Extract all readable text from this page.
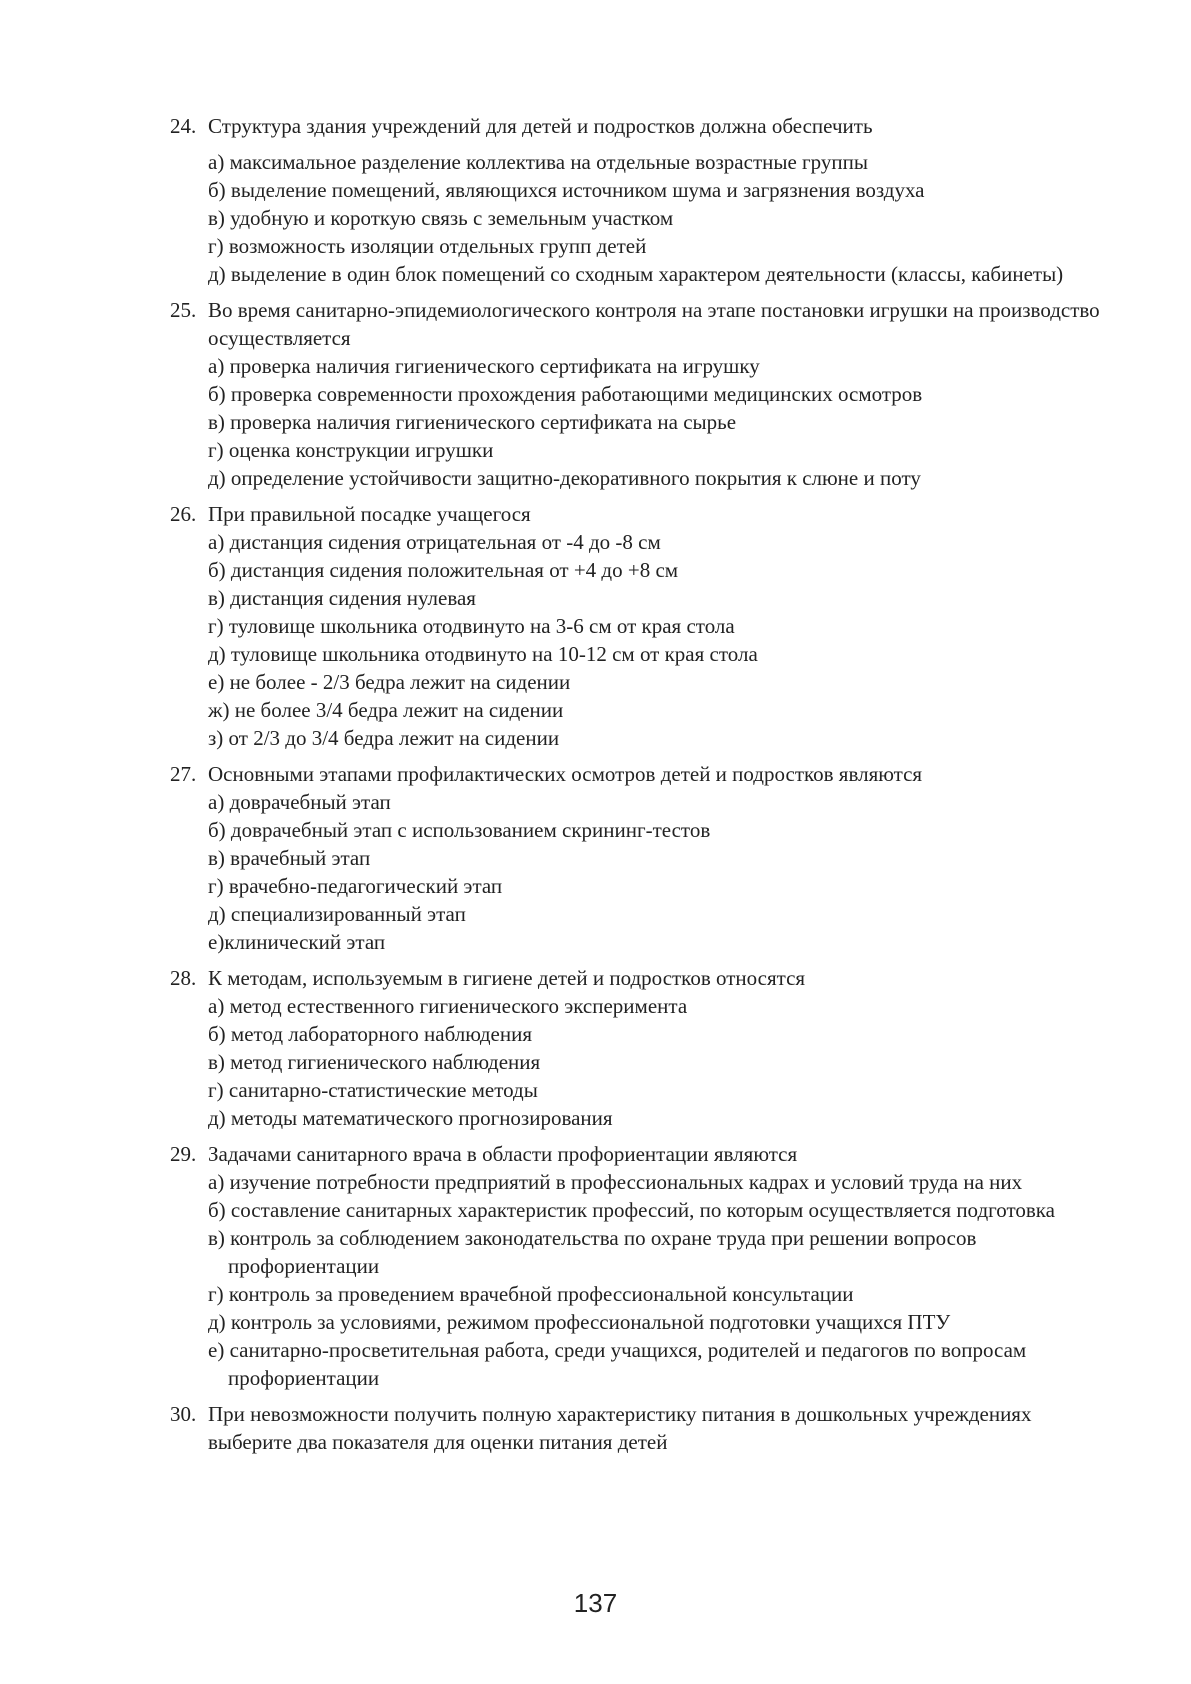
24. Структура здания учреждений для детей и подростков должна обеспечить
а) максимальное разделение коллектива на отдельные возрастные группы
б) выделение помещений, являющихся источником шума и загрязнения воздуха
в) удобную и короткую связь с земельным участком
г) возможность изоляции отдельных групп детей
д) выделение в один блок помещений со сходным характером деятельности (классы, кабинеты)
25. Во время санитарно-эпидемиологического контроля на этапе постановки игрушки на производство осуществляется
а) проверка наличия гигиенического сертификата на игрушку
б) проверка современности прохождения работающими медицинских осмотров
в) проверка наличия гигиенического сертификата на сырье
г) оценка конструкции игрушки
д) определение устойчивости защитно-декоративного покрытия к слюне и поту
26. При правильной посадке учащегося
а) дистанция сидения отрицательная от -4 до -8 см
б) дистанция сидения положительная от +4 до +8 см
в) дистанция сидения нулевая
г) туловище школьника отодвинуто на 3-6 см от края стола
д) туловище школьника отодвинуто на 10-12 см от края стола
е) не более - 2/3 бедра лежит на сидении
ж) не более 3/4 бедра лежит на сидении
з) от 2/3 до 3/4 бедра лежит на сидении
27. Основными этапами профилактических осмотров детей и подростков являются
а) доврачебный этап
б) доврачебный этап с использованием скрининг-тестов
в) врачебный этап
г) врачебно-педагогический этап
д) специализированный этап
е)клинический этап
28. К методам, используемым в гигиене детей и подростков относятся
а) метод естественного гигиенического эксперимента
б) метод лабораторного наблюдения
в) метод гигиенического наблюдения
г) санитарно-статистические методы
д) методы математического прогнозирования
29. Задачами санитарного врача в области профориентации являются
а) изучение потребности предприятий в профессиональных кадрах и условий труда на них
б) составление санитарных характеристик профессий, по которым осуществляется подготовка
в) контроль за соблюдением законодательства по охране труда при решении вопросов профориентации
г) контроль за проведением врачебной профессиональной консультации
д) контроль за условиями, режимом профессиональной подготовки учащихся ПТУ
е) санитарно-просветительная работа, среди учащихся, родителей и педагогов по вопросам профориентации
30. При невозможности получить полную характеристику питания в дошкольных учреждениях выберите два показателя для оценки питания детей
137
